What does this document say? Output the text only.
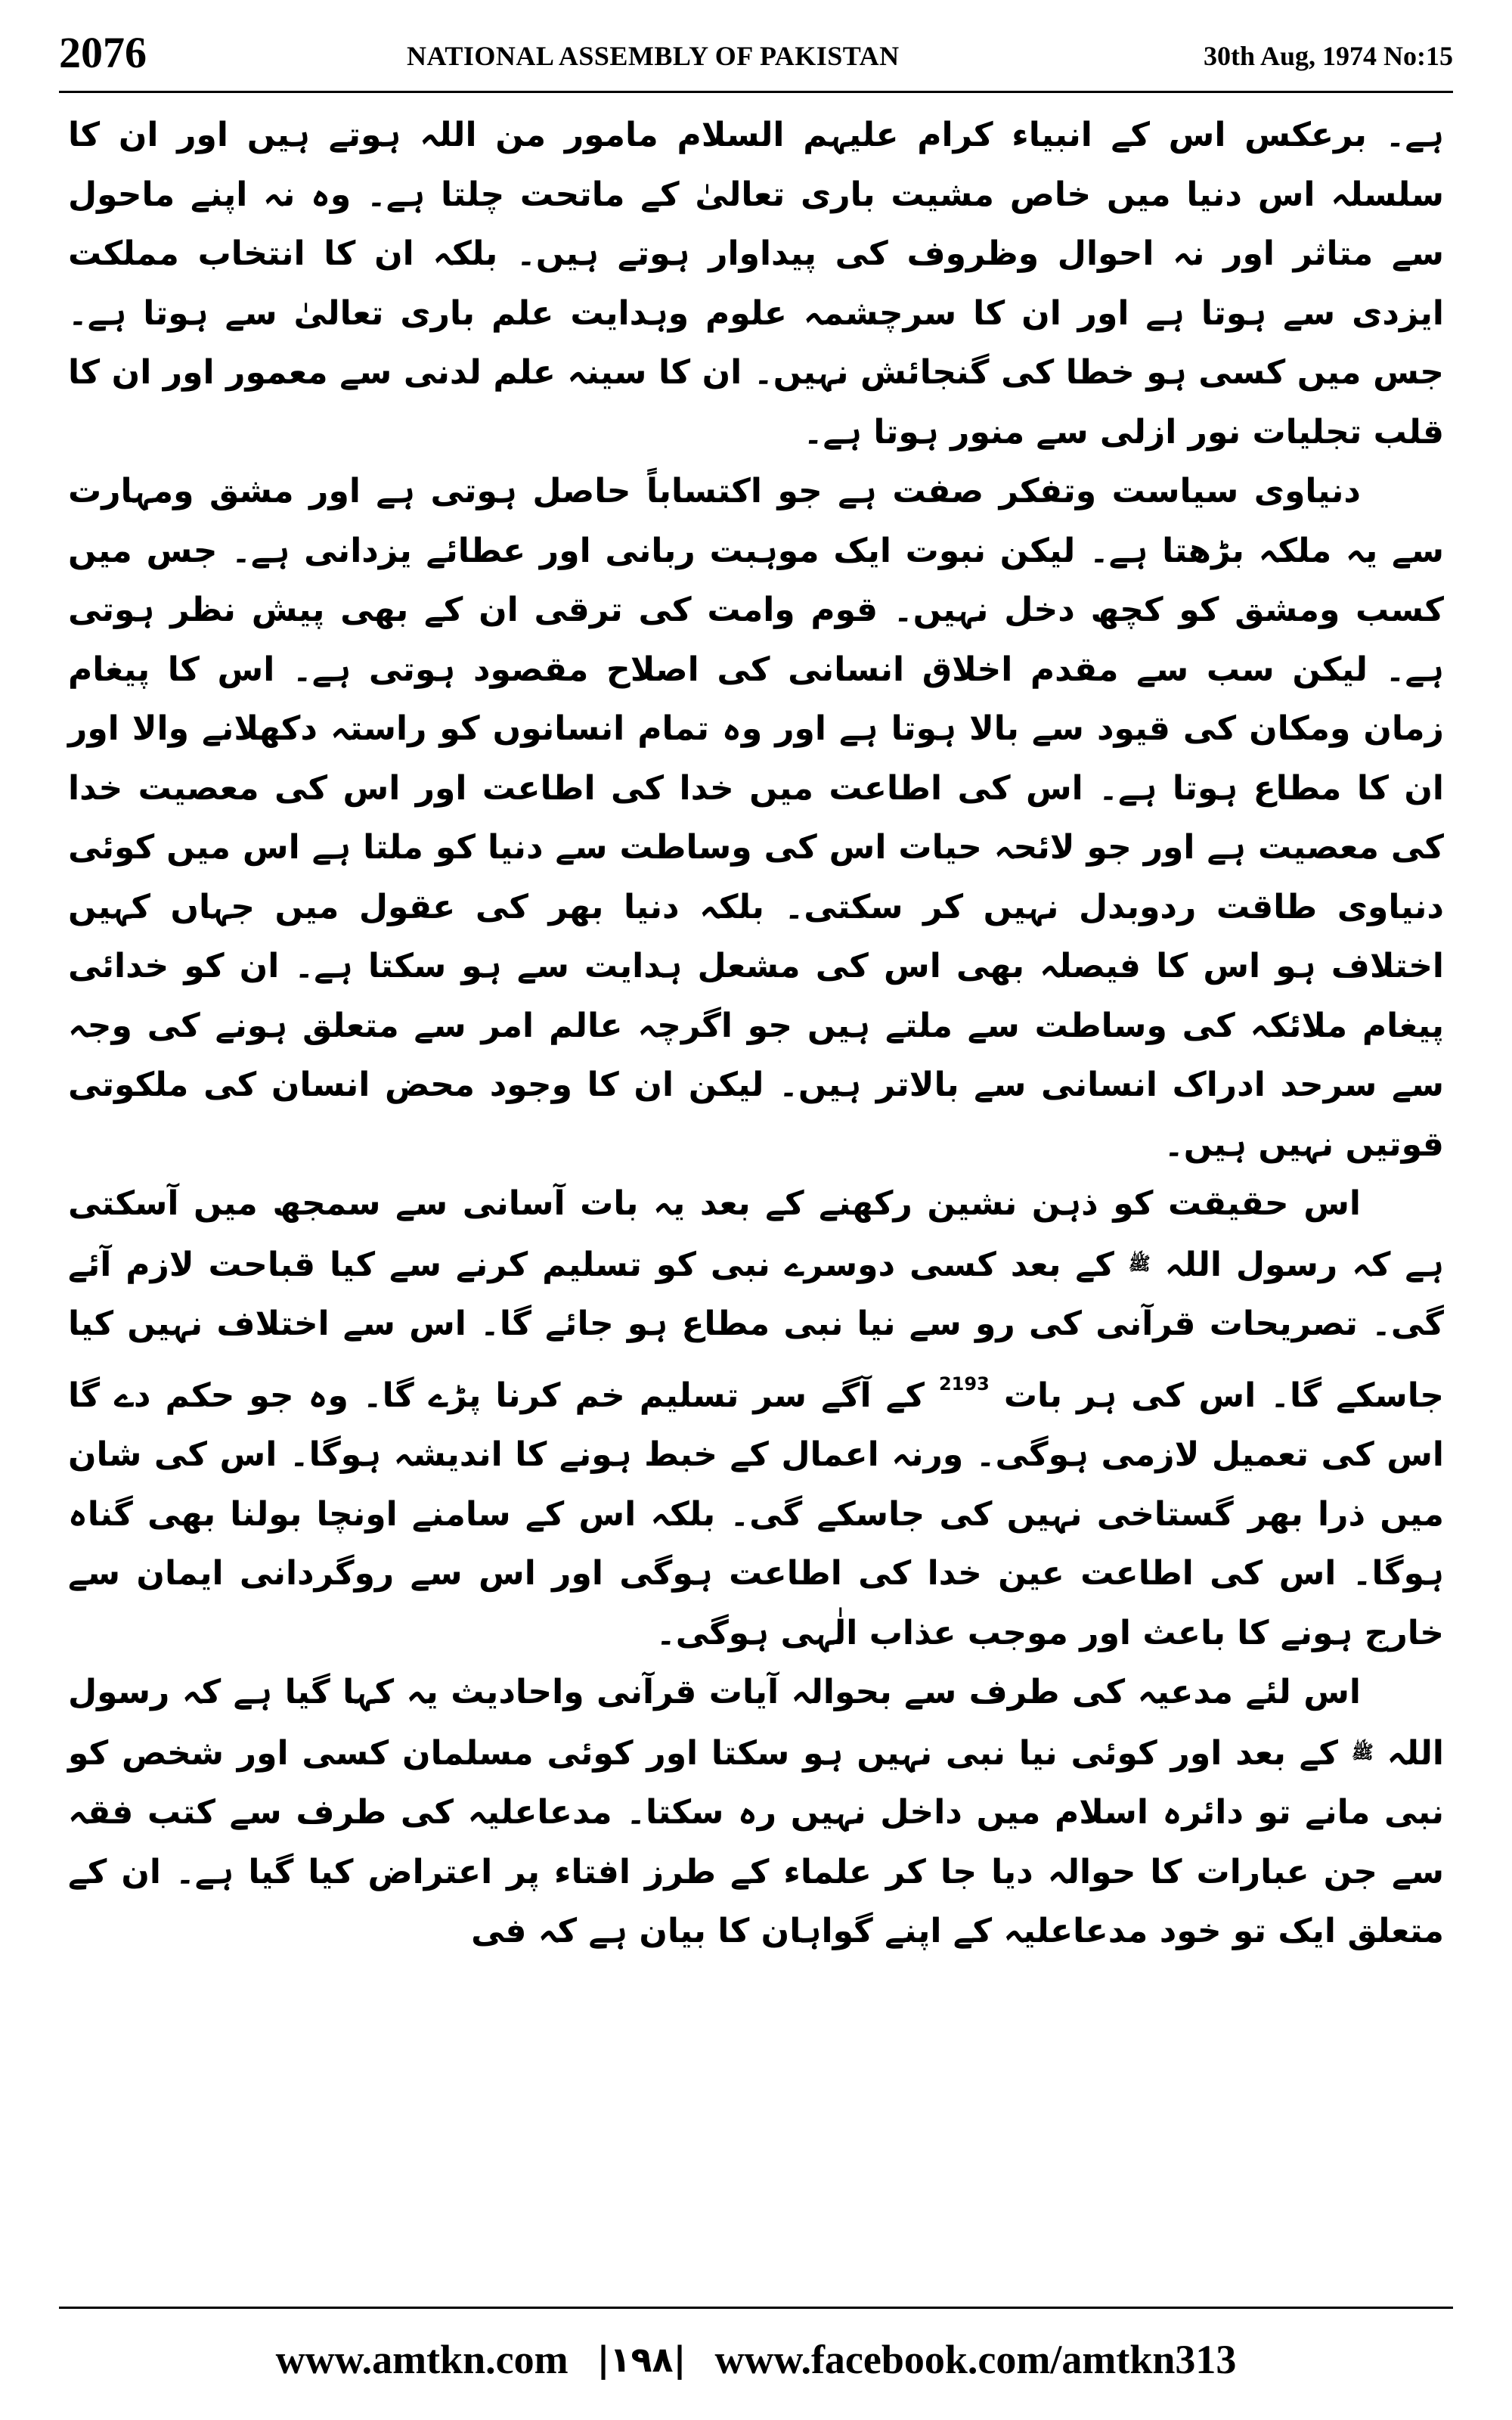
2076	NATIONAL ASSEMBLY OF PAKISTAN	30th Aug, 1974 No:15

ہے۔ برعکس اس کے انبیاء کرام علیہم السلام مامور من اللہ ہوتے ہیں اور ان کا سلسلہ اس دنیا میں خاص مشیت باری تعالیٰ کے ماتحت چلتا ہے۔ وہ نہ اپنے ماحول سے متاثر اور نہ احوال وظروف کی پیداوار ہوتے ہیں۔ بلکہ ان کا انتخاب مملکت ایزدی سے ہوتا ہے اور ان کا سرچشمہ علوم وہدایت علم باری تعالیٰ سے ہوتا ہے۔ جس میں کسی ہو خطا کی گنجائش نہیں۔ ان کا سینہ علم لدنی سے معمور اور ان کا قلب تجلیات نور ازلی سے منور ہوتا ہے۔

دنیاوی سیاست وتفکر صفت ہے جو اکتساباً حاصل ہوتی ہے اور مشق ومہارت سے یہ ملکہ بڑھتا ہے۔ لیکن نبوت ایک موہبت ربانی اور عطائے یزدانی ہے۔ جس میں کسب ومشق کو کچھ دخل نہیں۔ قوم وامت کی ترقی ان کے بھی پیش نظر ہوتی ہے۔ لیکن سب سے مقدم اخلاق انسانی کی اصلاح مقصود ہوتی ہے۔ اس کا پیغام زمان ومکان کی قیود سے بالا ہوتا ہے اور وہ تمام انسانوں کو راستہ دکھلانے والا اور ان کا مطاع ہوتا ہے۔ اس کی اطاعت میں خدا کی اطاعت اور اس کی معصیت خدا کی معصیت ہے اور جو لائحہ حیات اس کی وساطت سے دنیا کو ملتا ہے اس میں کوئی دنیاوی طاقت ردوبدل نہیں کر سکتی۔ بلکہ دنیا بھر کی عقول میں جہاں کہیں اختلاف ہو اس کا فیصلہ بھی اس کی مشعل ہدایت سے ہو سکتا ہے۔ ان کو خدائی پیغام ملائکہ کی وساطت سے ملتے ہیں جو اگرچہ عالم امر سے متعلق ہونے کی وجہ سے سرحد ادراک انسانی سے بالاتر ہیں۔ لیکن ان کا وجود محض انسان کی ملکوتی قوتیں نہیں ہیں۔

اس حقیقت کو ذہن نشین رکھنے کے بعد یہ بات آسانی سے سمجھ میں آسکتی ہے کہ رسول اللہ ﷺ کے بعد کسی دوسرے نبی کو تسلیم کرنے سے کیا قباحت لازم آئے گی۔ تصریحات قرآنی کی رو سے نیا نبی مطاع ہو جائے گا۔ اس سے اختلاف نہیں کیا جاسکے گا۔ اس کی ہر بات $^{2193}$ کے آگے سر تسلیم خم کرنا پڑے گا۔ وہ جو حکم دے گا اس کی تعمیل لازمی ہوگی۔ ورنہ اعمال کے خبط ہونے کا اندیشہ ہوگا۔ اس کی شان میں ذرا بھر گستاخی نہیں کی جاسکے گی۔ بلکہ اس کے سامنے اونچا بولنا بھی گناہ ہوگا۔ اس کی اطاعت عین خدا کی اطاعت ہوگی اور اس سے روگردانی ایمان سے خارج ہونے کا باعث اور موجب عذاب الٰہی ہوگی۔

اس لئے مدعیہ کی طرف سے بحوالہ آیات قرآنی واحادیث یہ کہا گیا ہے کہ رسول اللہ ﷺ کے بعد اور کوئی نیا نبی نہیں ہو سکتا اور کوئی مسلمان کسی اور شخص کو نبی مانے تو دائرہ اسلام میں داخل نہیں رہ سکتا۔ مدعاعلیہ کی طرف سے کتب فقہ سے جن عبارات کا حوالہ دیا جا کر علماء کے طرز افتاء پر اعتراض کیا گیا ہے۔ ان کے متعلق ایک تو خود مدعاعلیہ کے اپنے گواہان کا بیان ہے کہ فی

www.amtkn.com |۱۹۸| www.facebook.com/amtkn313
